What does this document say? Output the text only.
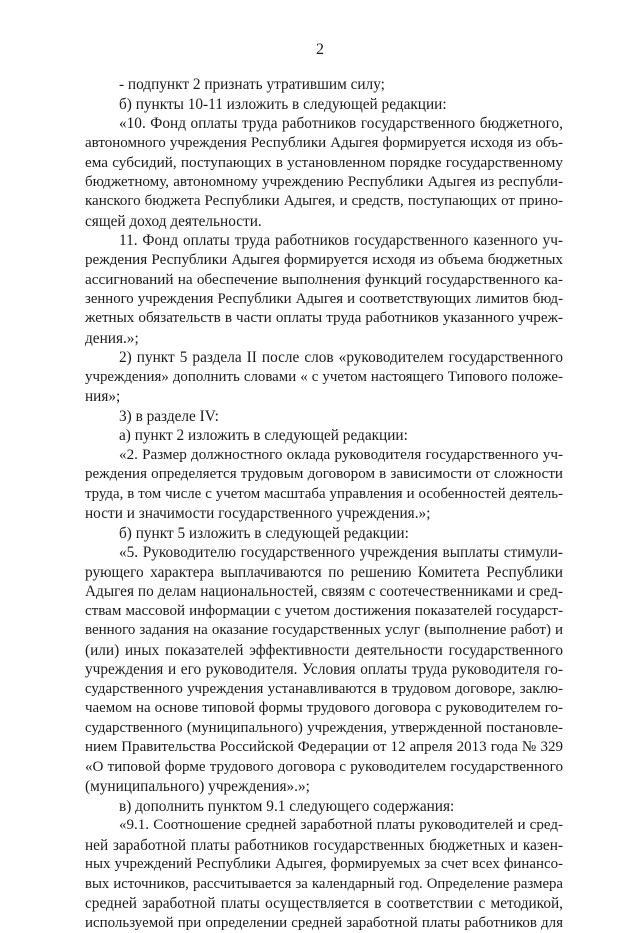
2
- подпункт 2 признать утратившим силу;
б) пункты 10-11 изложить в следующей редакции:
«10. Фонд оплаты труда работников государственного бюджетного,
автономного учреждения Республики Адыгея формируется исходя из объ-
ема субсидий, поступающих в установленном порядке государственному
бюджетному, автономному учреждению Республики Адыгея из республи-
канского бюджета Республики Адыгея, и средств, поступающих от прино-
сящей доход деятельности.
11. Фонд оплаты труда работников государственного казенного уч-
реждения Республики Адыгея формируется исходя из объема бюджетных
ассигнований на обеспечение выполнения функций государственного ка-
зенного учреждения Республики Адыгея и соответствующих лимитов бюд-
жетных обязательств в части оплаты труда работников указанного учреж-
дения.»;
2) пункт 5 раздела II после слов «руководителем государственного
учреждения» дополнить словами « с учетом настоящего Типового положе-
ния»;
3) в разделе IV:
а) пункт 2 изложить в следующей редакции:
«2. Размер должностного оклада руководителя государственного уч-
реждения определяется трудовым договором в зависимости от сложности
труда, в том числе с учетом масштаба управления и особенностей деятель-
ности и значимости государственного учреждения.»;
б) пункт 5 изложить в следующей редакции:
«5. Руководителю государственного учреждения выплаты стимули-
рующего характера выплачиваются по решению Комитета Республики
Адыгея по делам национальностей, связям с соотечественниками и сред-
ствам массовой информации с учетом достижения показателей государст-
венного задания на оказание государственных услуг (выполнение работ) и
(или) иных показателей эффективности деятельности государственного
учреждения и его руководителя. Условия оплаты труда руководителя го-
сударственного учреждения устанавливаются в трудовом договоре, заклю-
чаемом на основе типовой формы трудового договора с руководителем го-
сударственного (муниципального) учреждения, утвержденной постановле-
нием Правительства Российской Федерации от 12 апреля 2013 года № 329
«О типовой форме трудового договора с руководителем государственного
(муниципального) учреждения».»;
в) дополнить пунктом 9.1 следующего содержания:
«9.1. Соотношение средней заработной платы руководителей и сред-
ней заработной платы работников государственных бюджетных и казен-
ных учреждений Республики Адыгея, формируемых за счет всех финансо-
вых источников, рассчитывается за календарный год. Определение размера
средней заработной платы осуществляется в соответствии с методикой,
используемой при определении средней заработной платы работников для
